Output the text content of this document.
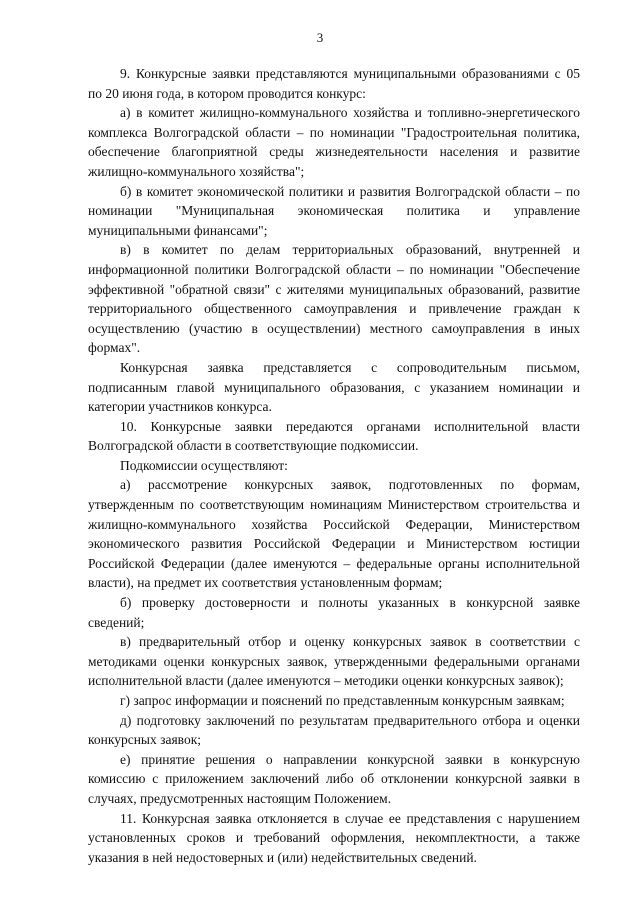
3

9. Конкурсные заявки представляются муниципальными образованиями с 05 по 20 июня года, в котором проводится конкурс:

а) в комитет жилищно-коммунального хозяйства и топливно-энергетического комплекса Волгоградской области – по номинации "Градостроительная политика, обеспечение благоприятной среды жизнедеятельности населения и развитие жилищно-коммунального хозяйства";

б) в комитет экономической политики и развития Волгоградской области – по номинации "Муниципальная экономическая политика и управление муниципальными финансами";

в) в комитет по делам территориальных образований, внутренней и информационной политики Волгоградской области – по номинации "Обеспечение эффективной "обратной связи" с жителями муниципальных образований, развитие территориального общественного самоуправления и привлечение граждан к осуществлению (участию в осуществлении) местного самоуправления в иных формах".

Конкурсная заявка представляется с сопроводительным письмом, подписанным главой муниципального образования, с указанием номинации и категории участников конкурса.

10. Конкурсные заявки передаются органами исполнительной власти Волгоградской области в соответствующие подкомиссии.

Подкомиссии осуществляют:

а) рассмотрение конкурсных заявок, подготовленных по формам, утвержденным по соответствующим номинациям Министерством строительства и жилищно-коммунального хозяйства Российской Федерации, Министерством экономического развития Российской Федерации и Министерством юстиции Российской Федерации (далее именуются – федеральные органы исполнительной власти), на предмет их соответствия установленным формам;

б) проверку достоверности и полноты указанных в конкурсной заявке сведений;

в) предварительный отбор и оценку конкурсных заявок в соответствии с методиками оценки конкурсных заявок, утвержденными федеральными органами исполнительной власти (далее именуются – методики оценки конкурсных заявок);

г) запрос информации и пояснений по представленным конкурсным заявкам;

д) подготовку заключений по результатам предварительного отбора и оценки конкурсных заявок;

е) принятие решения о направлении конкурсной заявки в конкурсную комиссию с приложением заключений либо об отклонении конкурсной заявки в случаях, предусмотренных настоящим Положением.

11. Конкурсная заявка отклоняется в случае ее представления с нарушением установленных сроков и требований оформления, некомплектности, а также указания в ней недостоверных и (или) недействительных сведений.
